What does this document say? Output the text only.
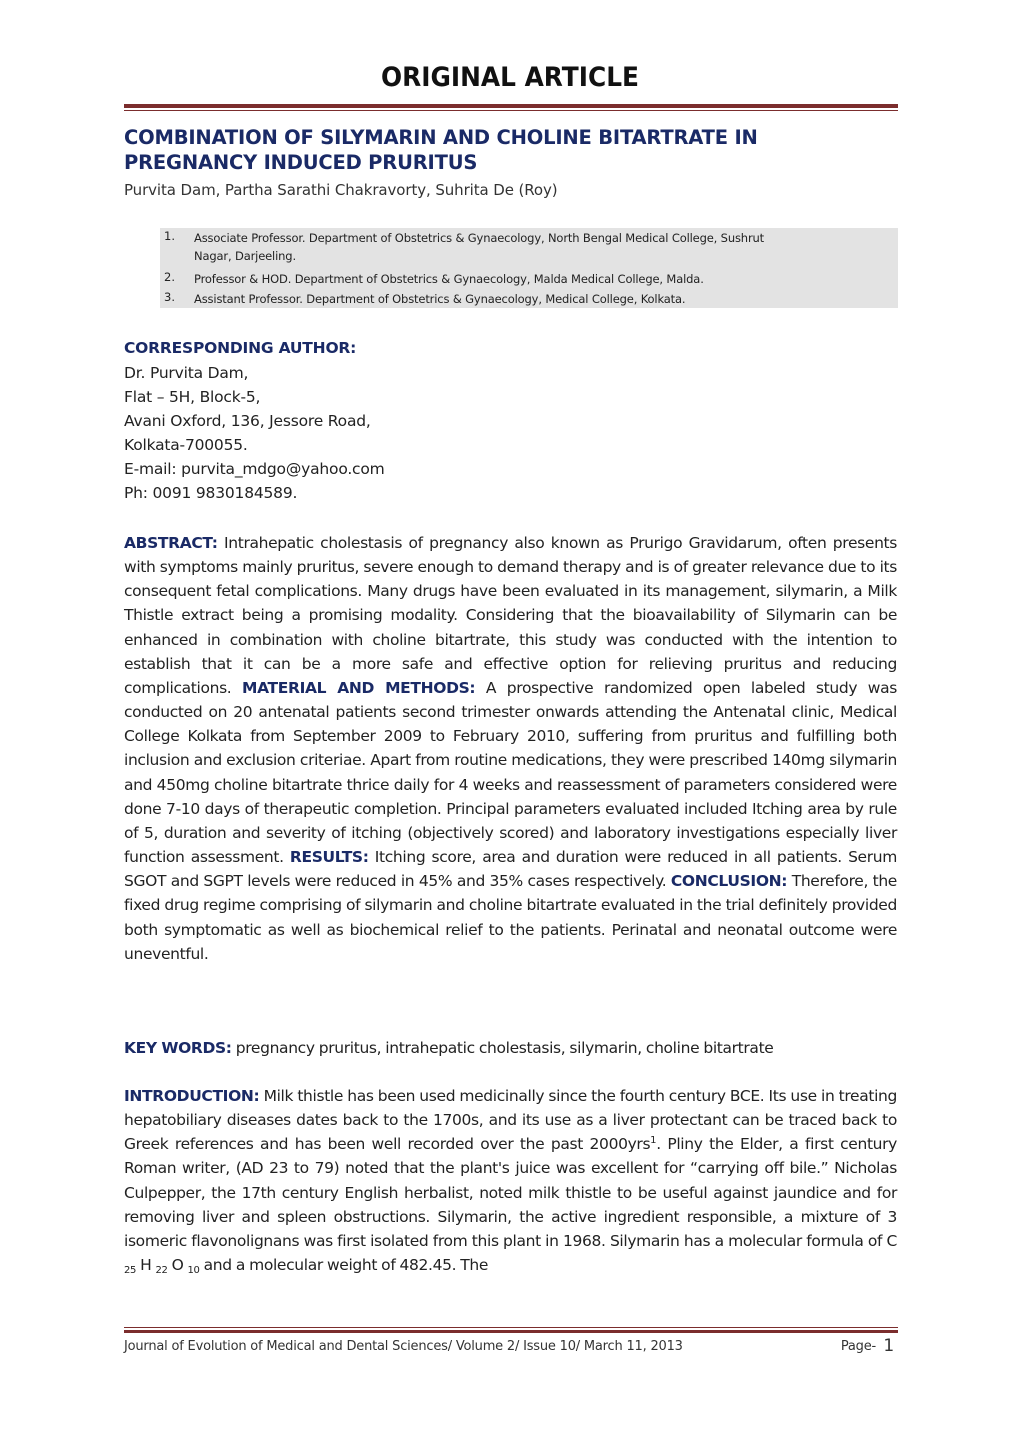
ORIGINAL ARTICLE
COMBINATION OF SILYMARIN AND CHOLINE BITARTRATE IN
PREGNANCY INDUCED PRURITUS
Purvita Dam, Partha Sarathi Chakravorty, Suhrita De (Roy)
1.	Associate Professor. Department of Obstetrics & Gynaecology, North Bengal Medical College, Sushrut
Nagar, Darjeeling.
2.	Professor & HOD. Department of Obstetrics & Gynaecology, Malda Medical College, Malda.
3.	Assistant Professor. Department of Obstetrics & Gynaecology, Medical College, Kolkata.
CORRESPONDING AUTHOR:
Dr. Purvita Dam,
Flat – 5H, Block-5,
Avani Oxford, 136, Jessore Road,
Kolkata-700055.
E-mail: purvita_mdgo@yahoo.com
Ph: 0091 9830184589.
ABSTRACT: Intrahepatic cholestasis of pregnancy also known as Prurigo Gravidarum, often presents with symptoms mainly pruritus, severe enough to demand therapy and is of greater relevance due to its consequent fetal complications. Many drugs have been evaluated in its management, silymarin, a Milk Thistle extract being a promising modality. Considering that the bioavailability of Silymarin can be enhanced in combination with choline bitartrate, this study was conducted with the intention to establish that it can be a more safe and effective option for relieving pruritus and reducing complications. MATERIAL AND METHODS: A prospective randomized open labeled study was conducted on 20 antenatal patients second trimester onwards attending the Antenatal clinic, Medical College Kolkata from September 2009 to February 2010, suffering from pruritus and fulfilling both inclusion and exclusion criteriae. Apart from routine medications, they were prescribed 140mg silymarin and 450mg choline bitartrate thrice daily for 4 weeks and reassessment of parameters considered were done 7-10 days of therapeutic completion. Principal parameters evaluated included Itching area by rule of 5, duration and severity of itching (objectively scored) and laboratory investigations especially liver function assessment. RESULTS: Itching score, area and duration were reduced in all patients. Serum SGOT and SGPT levels were reduced in 45% and 35% cases respectively. CONCLUSION: Therefore, the fixed drug regime comprising of silymarin and choline bitartrate evaluated in the trial definitely provided both symptomatic as well as biochemical relief to the patients. Perinatal and neonatal outcome were uneventful.
KEY WORDS: pregnancy pruritus, intrahepatic cholestasis, silymarin, choline bitartrate
INTRODUCTION: Milk thistle has been used medicinally since the fourth century BCE. Its use in treating hepatobiliary diseases dates back to the 1700s, and its use as a liver protectant can be traced back to Greek references and has been well recorded over the past 2000yrs$^1$. Pliny the Elder, a first century Roman writer, (AD 23 to 79) noted that the plant's juice was excellent for “carrying off bile.” Nicholas Culpepper, the 17th century English herbalist, noted milk thistle to be useful against jaundice and for removing liver and spleen obstructions. Silymarin, the active ingredient responsible, a mixture of 3 isomeric flavonolignans was first isolated from this plant in 1968. Silymarin has a molecular formula of C 25 H 22 O 10 and a molecular weight of 482.45. The
Journal of Evolution of Medical and Dental Sciences/ Volume 2/ Issue 10/ March 11, 2013	Page- 1
